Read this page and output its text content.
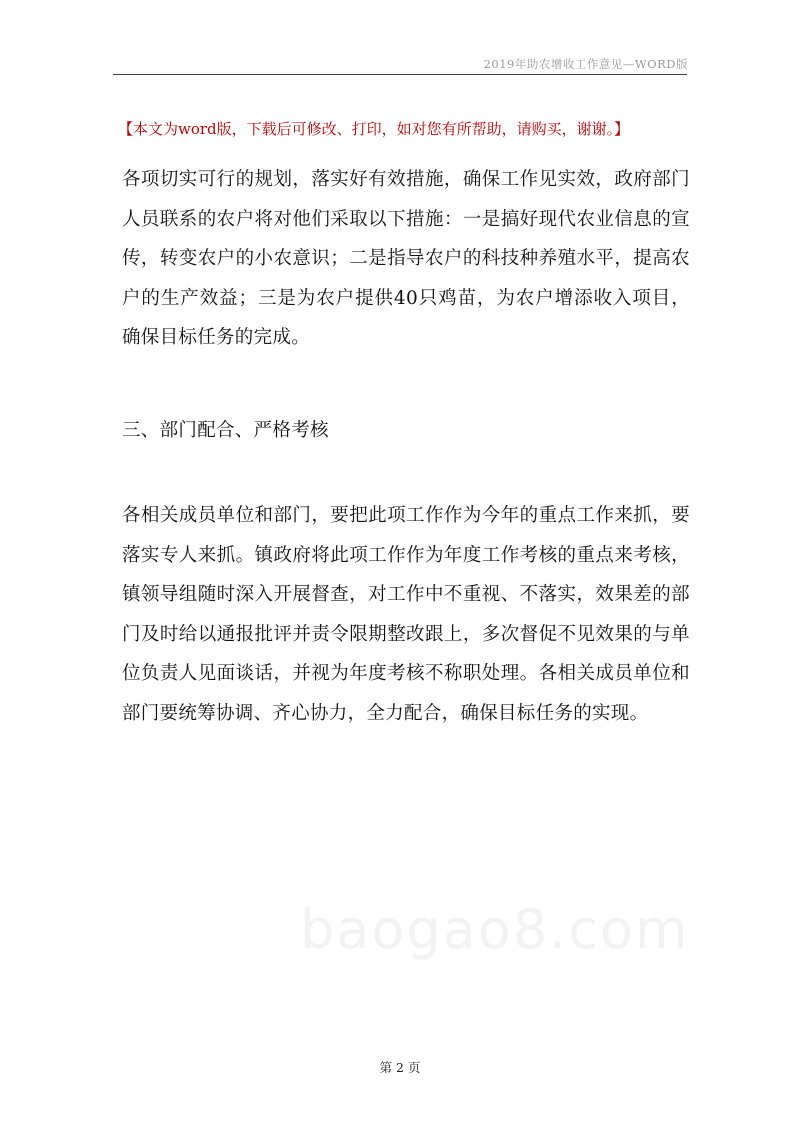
2019年助农增收工作意见—WORD版
【本文为word版，下载后可修改、打印，如对您有所帮助，请购买，谢谢。】
各项切实可行的规划，落实好有效措施，确保工作见实效，政府部门人员联系的农户将对他们采取以下措施：一是搞好现代农业信息的宣传，转变农户的小农意识；二是指导农户的科技种养殖水平，提高农户的生产效益；三是为农户提供40只鸡苗，为农户增添收入项目，确保目标任务的完成。
三、部门配合、严格考核
各相关成员单位和部门，要把此项工作作为今年的重点工作来抓，要落实专人来抓。镇政府将此项工作作为年度工作考核的重点来考核，镇领导组随时深入开展督查，对工作中不重视、不落实，效果差的部门及时给以通报批评并责令限期整改跟上，多次督促不见效果的与单位负责人见面谈话，并视为年度考核不称职处理。各相关成员单位和部门要统筹协调、齐心协力，全力配合，确保目标任务的实现。
baogao8.com
第 2 页
